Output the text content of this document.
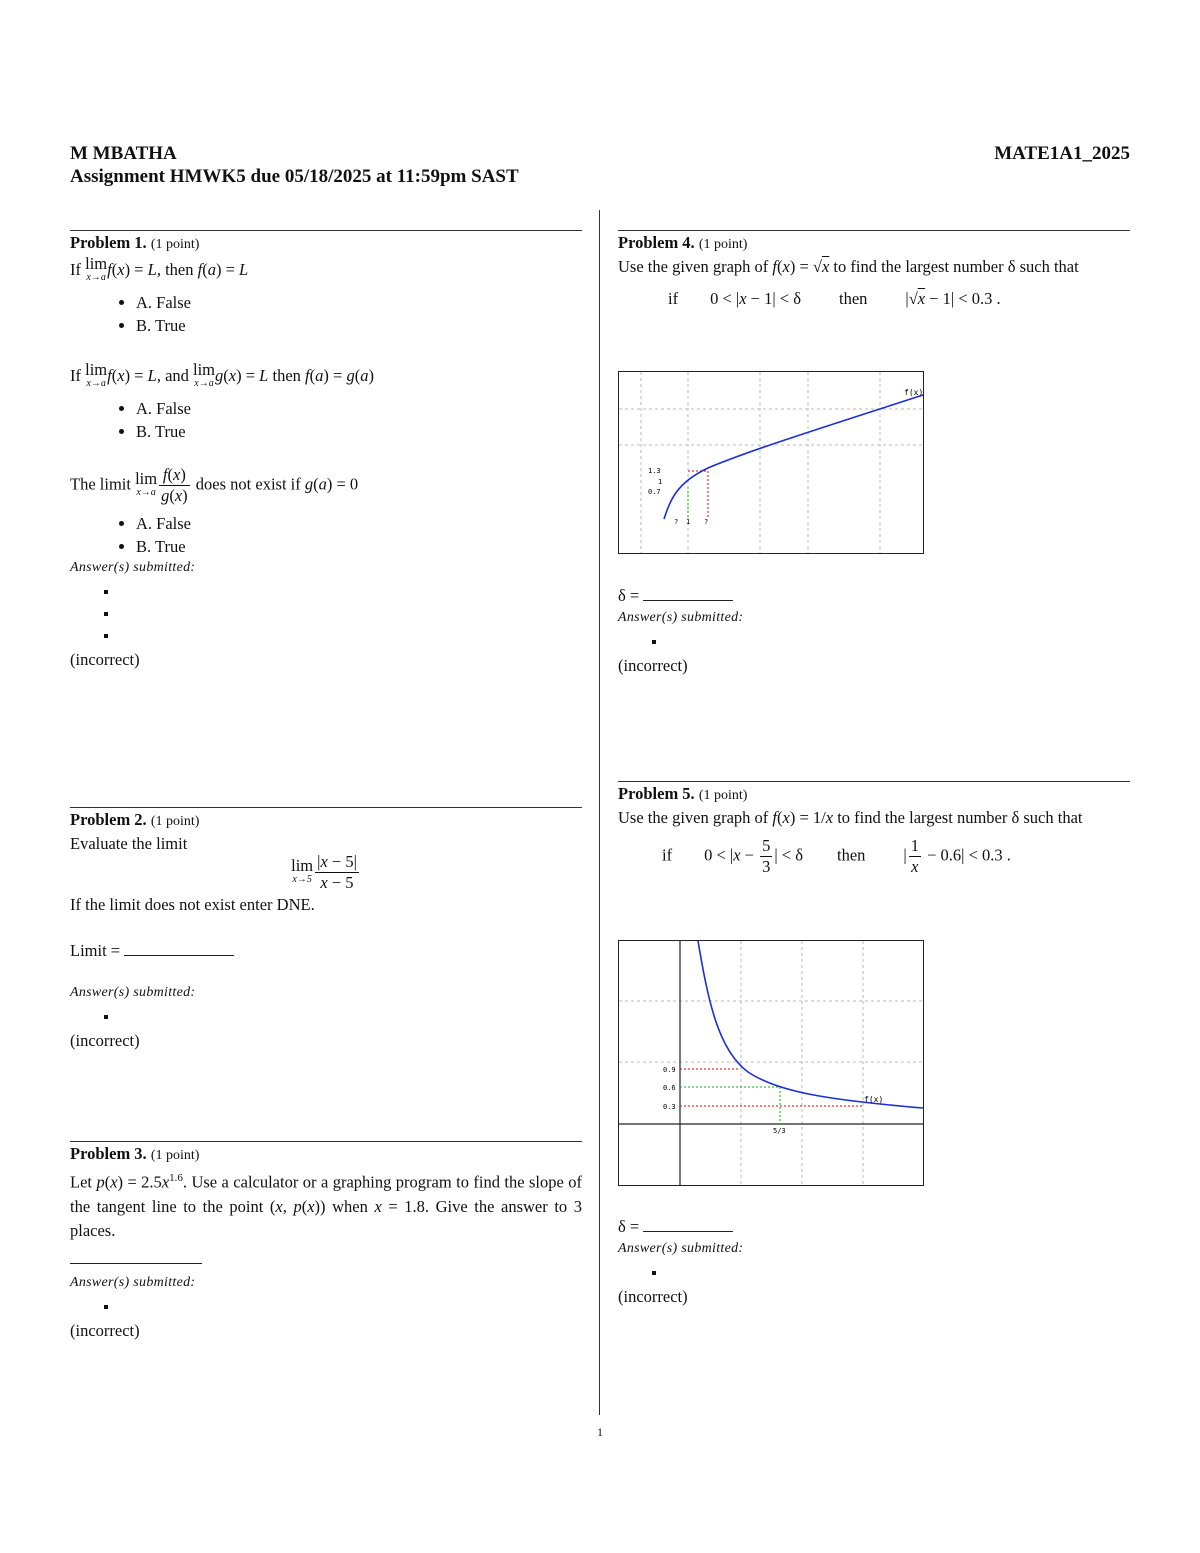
M MBATHA
Assignment HMWK5 due 05/18/2025 at 11:59pm SAST
MATE1A1_2025
Problem 1. (1 point)
If lim
x→a f(x) = L, then f(a) = L
• A. False
• B. True
If lim
x→a f(x) = L, and lim
x→a g(x) = L then f(a) = g(a)
• A. False
• B. True
The limit lim
$x\to a \frac{f(x)}{g(x)}$ does not exist if g(a) = 0
• A. False
• B. True
Answer(s) submitted:
▪
▪
▪
(incorrect)
Problem 2. (1 point)
Evaluate the limit
lim
$x\to 5 \frac{|x - 5|}{x - 5}$
If the limit does not exist enter DNE.
Limit =
Answer(s) submitted:
▪
(incorrect)
Problem 3. (1 point)
Let $p(x) = 2.5x^{1.6}$. Use a calculator or a graphing program to find the slope of the tangent line to the point (x, p(x)) when x = 1.8. Give the answer to 3 places.
Answer(s) submitted:
▪
(incorrect)
Problem 4. (1 point)
Use the given graph of f(x) = √x to find the largest number δ such that
if 0 < |x − 1| < δ then |√x − 1| < 0.3 .
f(x)
1.3
1
0.7
? 1 ?
δ =
Answer(s) submitted:
▪
(incorrect)
Problem 5. (1 point)
Use the given graph of f(x) = 1/x to find the largest number δ such that
if $0 < |x - \frac{5}{3}$ | < δ then | $\frac{1}{x} - 0.6| < 0.3$ .
f(x)
0.9
0.6
0.3
5/3
δ =
Answer(s) submitted:
▪
(incorrect)
1
